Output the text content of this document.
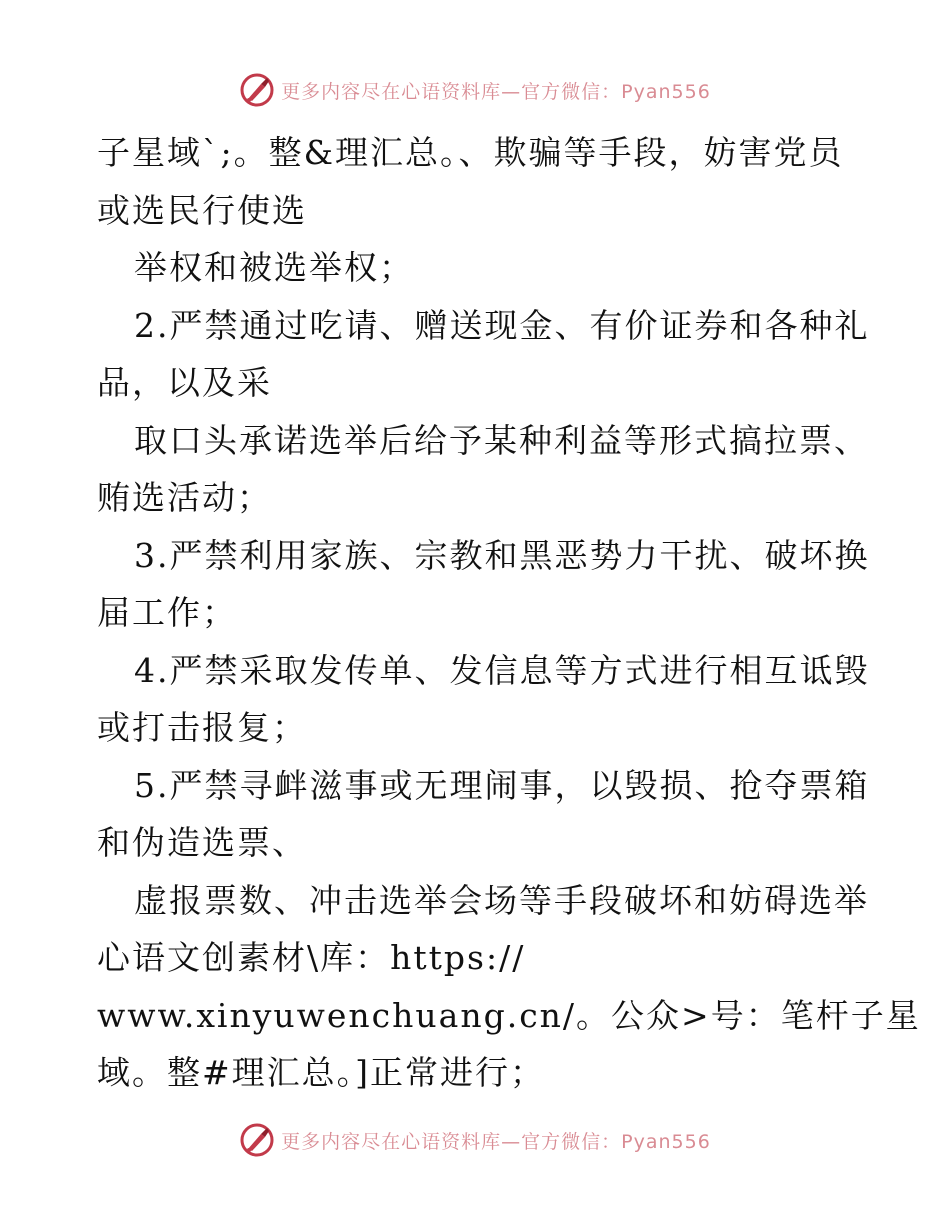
更多内容尽在心语资料库—官方微信：Pyan556
子星域`;。整&理汇总。、欺骗等手段，妨害党员
或选民行使选
举权和被选举权；
2.严禁通过吃请、赠送现金、有价证券和各种礼
品，以及采
取口头承诺选举后给予某种利益等形式搞拉票、
贿选活动；
3.严禁利用家族、宗教和黑恶势力干扰、破坏换
届工作；
4.严禁采取发传单、发信息等方式进行相互诋毁
或打击报复；
5.严禁寻衅滋事或无理闹事，以毁损、抢夺票箱
和伪造选票、
虚报票数、冲击选举会场等手段破坏和妨碍选举
心语文创素材\库：https://
www.xinyuwenchuang.cn/。公众>号：笔杆子星
域。整#理汇总。]正常进行；
更多内容尽在心语资料库—官方微信：Pyan556
